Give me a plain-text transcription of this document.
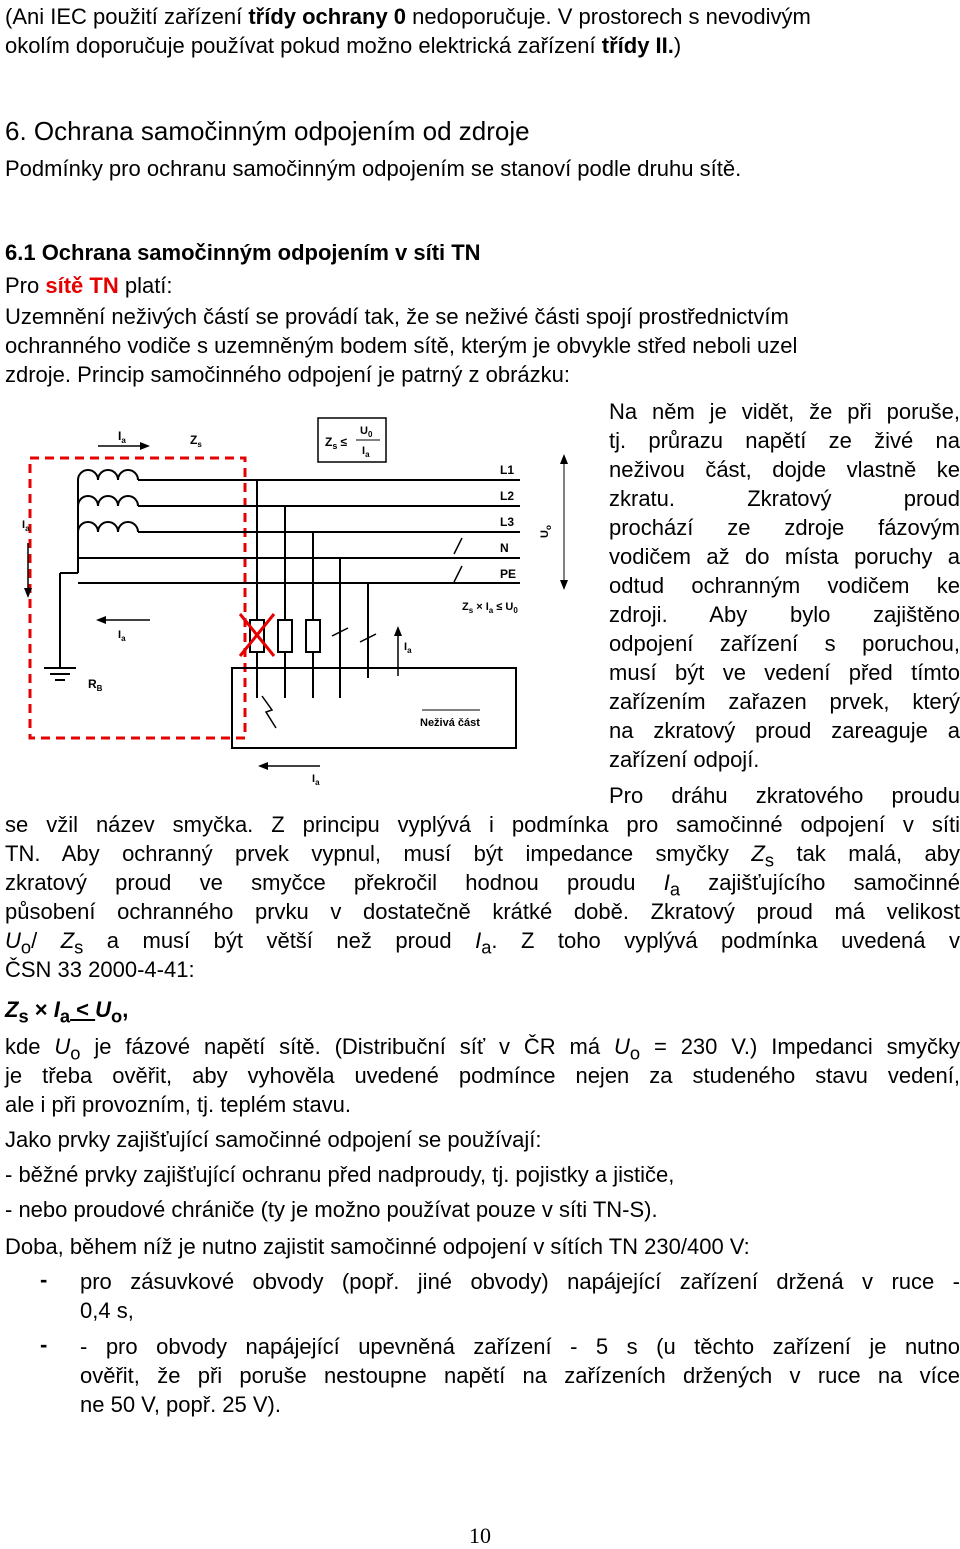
(Ani IEC použití zařízení třídy ochrany 0 nedoporučuje. V prostorech s nevodivým
okolím doporučuje používat pokud možno elektrická zařízení třídy II.)
6. Ochrana samočinným odpojením od zdroje
Podmínky pro ochranu samočinným odpojením se stanoví podle druhu sítě.
6.1 Ochrana samočinným odpojením v síti TN
Pro sítě TN platí:
Uzemnění neživých částí se provádí tak, že se neživé části spojí prostřednictvím
ochranného vodiče s uzemněným bodem sítě, kterým je obvykle střed neboli uzel
zdroje. Princip samočinného odpojení je patrný z obrázku:
Na něm je vidět, že při poruše,
tj. průrazu napětí ze živé na
neživou část, dojde vlastně ke
zkratu. Zkratový proud
prochází ze zdroje fázovým
vodičem až do místa poruchy a
odtud ochranným vodičem ke
zdroji. Aby bylo zajištěno
odpojení zařízení s poruchou,
musí být ve vedení před tímto
zařízením zařazen prvek, který
na zkratový proud zareaguje a
zařízení odpojí.
Pro dráhu zkratového proudu
$Z_s$ ≤
$U_0$
$I_a$
$I_a$	$Z_s$
L1
L2
L3
N
PE
$U_o$
$Z_s \times I_a \le U_0$
$R_B$
$I_a$
$I_a$
$I_a$
Neživá část
$I_a$
se vžil název smyčka. Z principu vyplývá i podmínka pro samočinné odpojení v síti
TN. Aby ochranný prvek vypnul, musí být impedance smyčky $Z_s$ tak malá, aby
zkratový proud ve smyčce překročil hodnou proudu $I_a$ zajišťujícího samočinné
působení ochranného prvku v dostatečně krátké době. Zkratový proud má velikost
$U_o/$ $Z_s$ a musí být větší než proud $I_a$. Z toho vyplývá podmínka uvedená v
ČSN 33 2000-4-41:
$Z_s \times I_a < U_o$,
kde $U_o$ je fázové napětí sítě. (Distribuční síť v ČR má $U_o = 230$ V.) Impedanci smyčky
je třeba ověřit, aby vyhověla uvedené podmínce nejen za studeného stavu vedení,
ale i při provozním, tj. teplém stavu.
Jako prvky zajišťující samočinné odpojení se používají:
- běžné prvky zajišťující ochranu před nadproudy, tj. pojistky a jističe,
- nebo proudové chrániče (ty je možno používat pouze v síti TN-S).
Doba, během níž je nutno zajistit samočinné odpojení v sítích TN 230/400 V:
- pro zásuvkové obvody (popř. jiné obvody) napájející zařízení držená v ruce -
0,4 s,
- - pro obvody napájející upevněná zařízení - 5 s (u těchto zařízení je nutno
ověřit, že při poruše nestoupne napětí na zařízeních držených v ruce na více
ne 50 V, popř. 25 V).
10
